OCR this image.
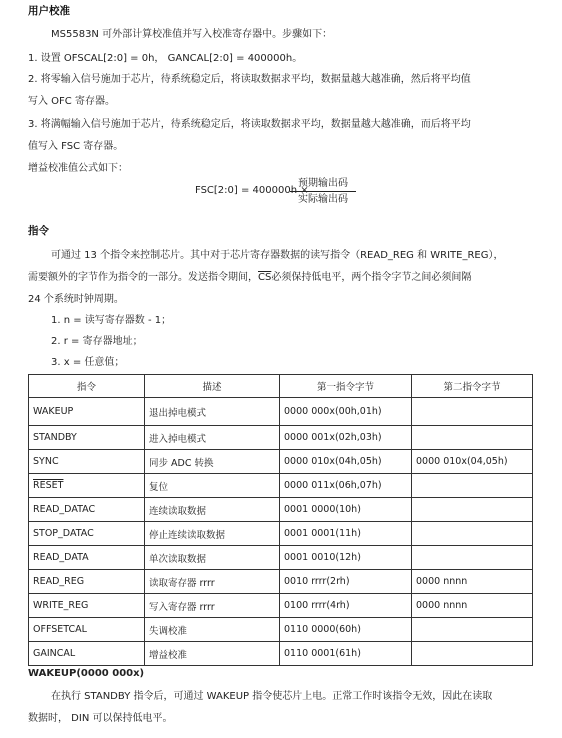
用户校准
MS5583N 可外部计算校准值并写入校准寄存器中。步骤如下：
1. 设置 OFSCAL[2:0] = 0h， GANCAL[2:0] = 400000h。
2. 将零输入信号施加于芯片，待系统稳定后，将读取数据求平均，数据量越大越准确，然后将平均值
写入 OFC 寄存器。
3. 将满幅输入信号施加于芯片，待系统稳定后，将读取数据求平均，数据量越大越准确，而后将平均
值写入 FSC 寄存器。
增益校准值公式如下：
FSC[2:0] = 400000h ×
预期输出码
实际输出码
指令
可通过 13 个指令来控制芯片。其中对于芯片寄存器数据的读写指令（READ_REG 和 WRITE_REG），
需要额外的字节作为指令的一部分。发送指令期间，$\overline{CS}$必须保持低电平，两个指令字节之间必须间隔
24 个系统时钟周期。
1. n = 读写寄存器数 - 1；
2. r = 寄存器地址；
3. x = 任意值；
指令	描述	第一指令字节	第二指令字节
WAKEUP	退出掉电模式	0000 000x(00h,01h)	
STANDBY	进入掉电模式	0000 001x(02h,03h)	
SYNC	同步 ADC 转换	0000 010x(04h,05h)	0000 010x(04,05h)
RESET	复位	0000 011x(06h,07h)	
READ_DATAC	连续读取数据	0001 0000(10h)	
STOP_DATAC	停止连续读取数据	0001 0001(11h)	
READ_DATA	单次读取数据	0001 0010(12h)	
READ_REG	读取寄存器 rrrr	0010 rrrr(2rh)	0000 nnnn
WRITE_REG	写入寄存器 rrrr	0100 rrrr(4rh)	0000 nnnn
OFFSETCAL	失调校准	0110 0000(60h)	
GAINCAL	增益校准	0110 0001(61h)	
WAKEUP(0000 000x)
在执行 STANDBY 指令后，可通过 WAKEUP 指令使芯片上电。正常工作时该指令无效，因此在读取
数据时， DIN 可以保持低电平。
